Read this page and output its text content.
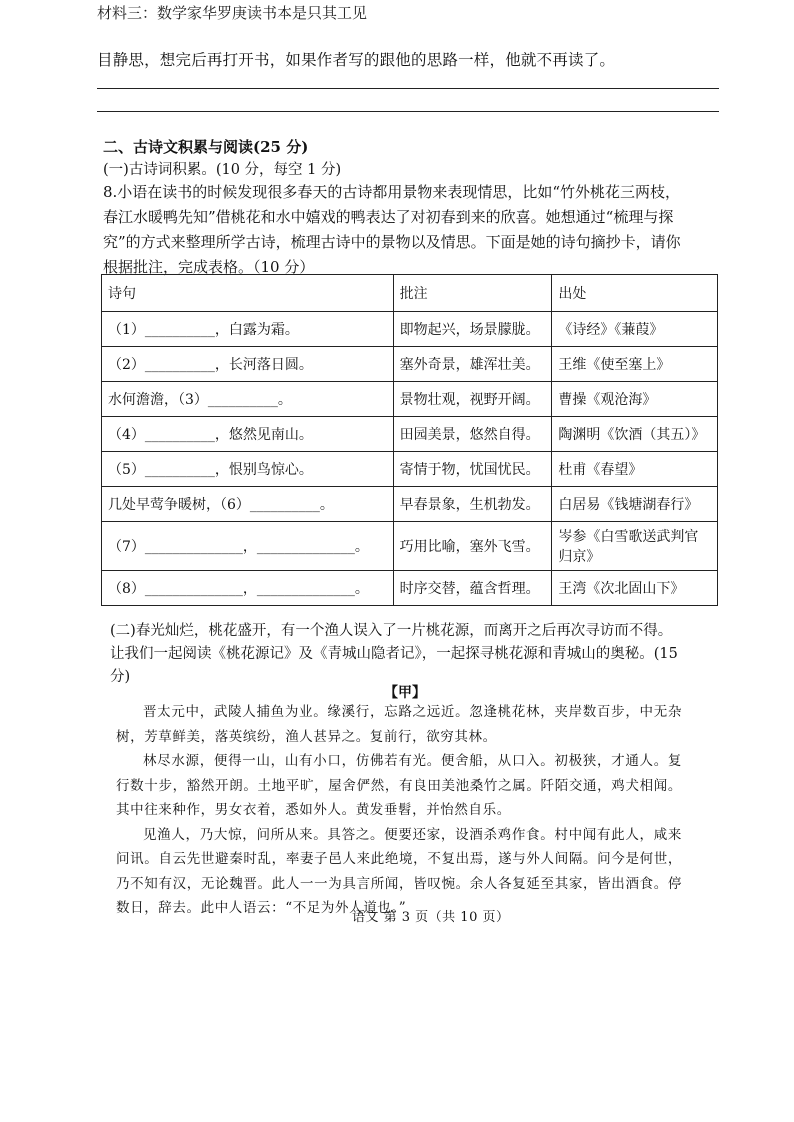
材料三：数学家华罗庚读书本是只其工见
目静思，想完后再打开书，如果作者写的跟他的思路一样，他就不再读了。
二、古诗文积累与阅读(25 分)
(一)古诗词积累。(10 分，每空 1 分)
8.小语在读书的时候发现很多春天的古诗都用景物来表现情思，比如“竹外桃花三两枝，
春江水暖鸭先知”借桃花和水中嬉戏的鸭表达了对初春到来的欣喜。她想通过“梳理与探
究”的方式来整理所学古诗，梳理古诗中的景物以及情思。下面是她的诗句摘抄卡，请你
根据批注，完成表格。（10 分）
诗句	批注	出处
（1）__________，白露为霜。	即物起兴，场景朦胧。	《诗经》《蒹葭》
（2）__________，长河落日圆。	塞外奇景，雄浑壮美。	王维《使至塞上》
水何澹澹，（3）__________。	景物壮观，视野开阔。	曹操《观沧海》
（4）__________，悠然见南山。	田园美景，悠然自得。	陶渊明《饮酒（其五）》
（5）__________，恨别鸟惊心。	寄情于物，忧国忧民。	杜甫《春望》
几处早莺争暖树，（6）__________。	早春景象，生机勃发。	白居易《钱塘湖春行》
（7）______________，______________。	巧用比喻，塞外飞雪。	岑参《白雪歌送武判官归京》
（8）______________，______________。	时序交替，蕴含哲理。	王湾《次北固山下》
(二)春光灿烂，桃花盛开，有一个渔人误入了一片桃花源，而离开之后再次寻访而不得。
让我们一起阅读《桃花源记》及《青城山隐者记》，一起探寻桃花源和青城山的奥秘。(15
分)
【甲】

晋太元中，武陵人捕鱼为业。缘溪行，忘路之远近。忽逢桃花林，夹岸数百步，中无杂树，芳草鲜美，落英缤纷，渔人甚异之。复前行，欲穷其林。

林尽水源，便得一山，山有小口，仿佛若有光。便舍船，从口入。初极狭，才通人。复行数十步，豁然开朗。土地平旷，屋舍俨然，有良田美池桑竹之属。阡陌交通，鸡犬相闻。其中往来种作，男女衣着，悉如外人。黄发垂髫，并怡然自乐。

见渔人，乃大惊，问所从来。具答之。便要还家，设酒杀鸡作食。村中闻有此人，咸来问讯。自云先世避秦时乱，率妻子邑人来此绝境，不复出焉，遂与外人间隔。问今是何世，乃不知有汉，无论魏晋。此人一一为具言所闻，皆叹惋。余人各复延至其家，皆出酒食。停数日，辞去。此中人语云：“不足为外人道也。”

语文 第 3 页（共 10 页）
